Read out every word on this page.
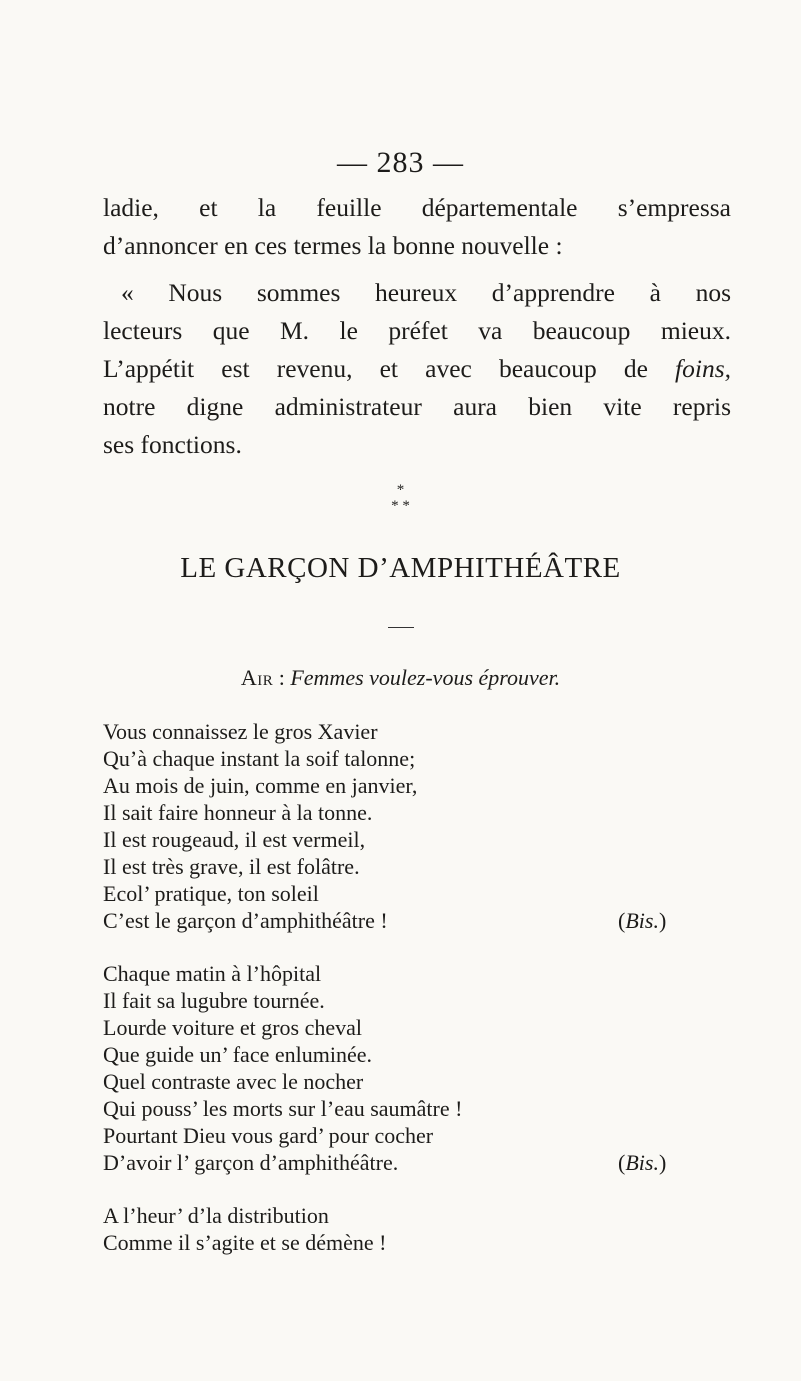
— 283 —
ladie, et la feuille départementale s’empressa
d’annoncer en ces termes la bonne nouvelle :
« Nous sommes heureux d’apprendre à nos
lecteurs que M. le préfet va beaucoup mieux.
L’appétit est revenu, et avec beaucoup de foins,
notre digne administrateur aura bien vite repris
ses fonctions.
*
* *
LE GARÇON D’AMPHITHÉÂTRE
Air : Femmes voulez-vous éprouver.
Vous connaissez le gros Xavier
Qu’à chaque instant la soif talonne;
Au mois de juin, comme en janvier,
Il sait faire honneur à la tonne.
Il est rougeaud, il est vermeil,
Il est très grave, il est folâtre.
Ecol’ pratique, ton soleil
C’est le garçon d’amphithéâtre !	(Bis.)
Chaque matin à l’hôpital
Il fait sa lugubre tournée.
Lourde voiture et gros cheval
Que guide un’ face enluminée.
Quel contraste avec le nocher
Qui pouss’ les morts sur l’eau saumâtre !
Pourtant Dieu vous gard’ pour cocher
D’avoir l’ garçon d’amphithéâtre.	(Bis.)
A l’heur’ d’la distribution
Comme il s’agite et se démène !
